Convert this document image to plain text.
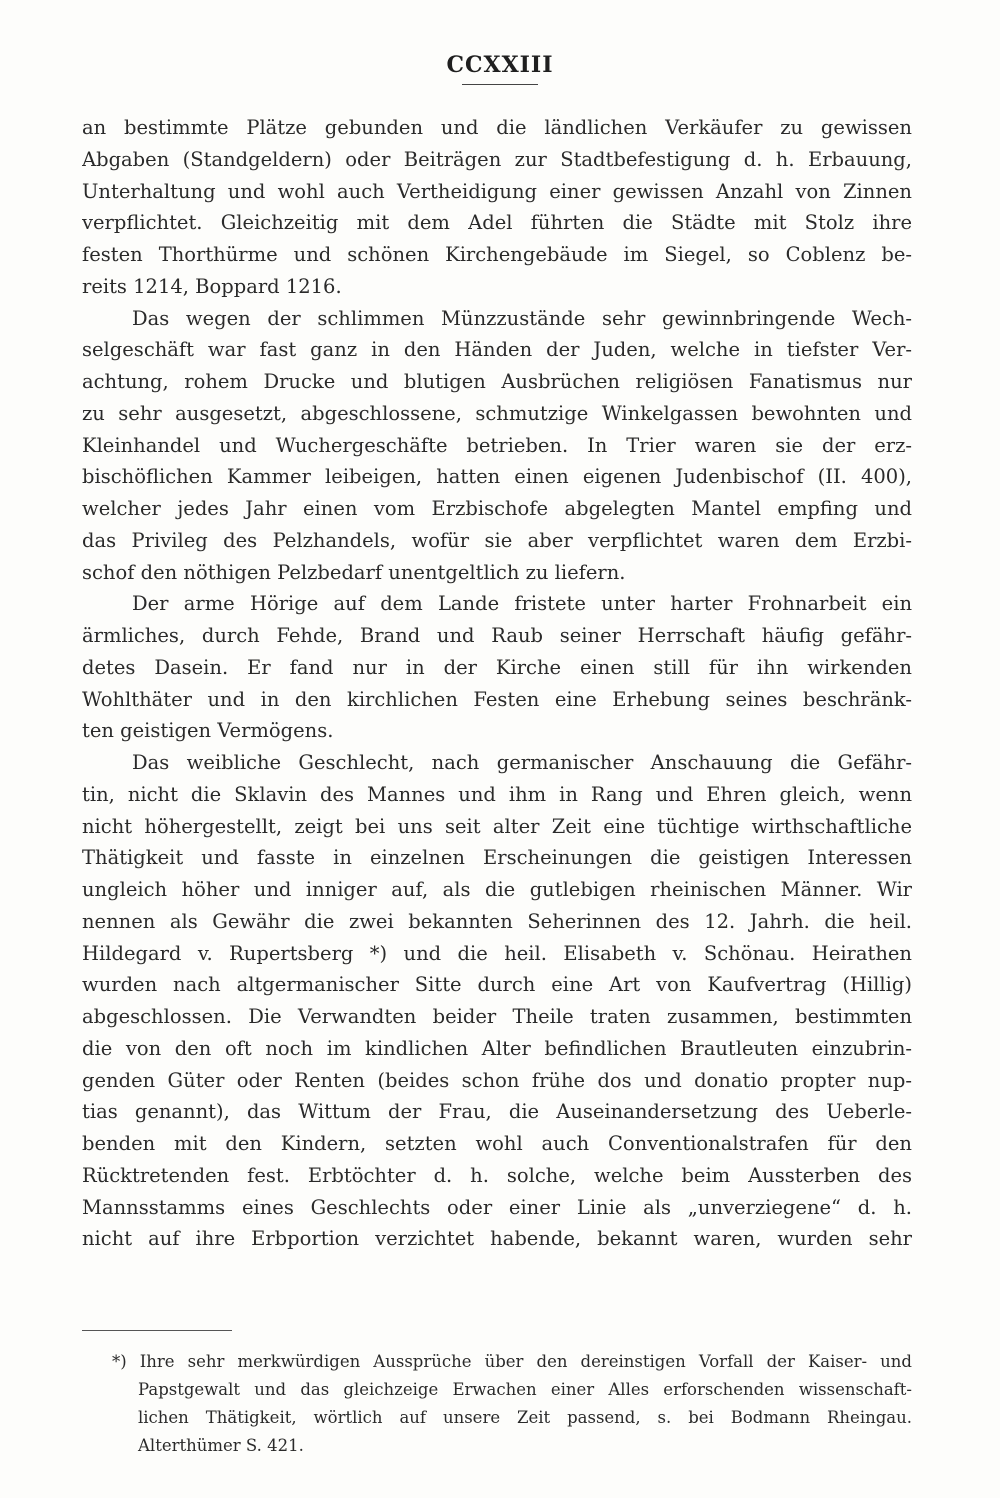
CCXXIII
an bestimmte Plätze gebunden und die ländlichen Verkäufer zu gewissen
Abgaben (Standgeldern) oder Beiträgen zur Stadtbefestigung d. h. Erbauung,
Unterhaltung und wohl auch Vertheidigung einer gewissen Anzahl von Zinnen
verpflichtet. Gleichzeitig mit dem Adel führten die Städte mit Stolz ihre
festen Thorthürme und schönen Kirchengebäude im Siegel, so Coblenz be-
reits 1214, Boppard 1216.
Das wegen der schlimmen Münzzustände sehr gewinnbringende Wech-
selgeschäft war fast ganz in den Händen der Juden, welche in tiefster Ver-
achtung, rohem Drucke und blutigen Ausbrüchen religiösen Fanatismus nur
zu sehr ausgesetzt, abgeschlossene, schmutzige Winkelgassen bewohnten und
Kleinhandel und Wuchergeschäfte betrieben. In Trier waren sie der erz-
bischöflichen Kammer leibeigen, hatten einen eigenen Judenbischof (II. 400),
welcher jedes Jahr einen vom Erzbischofe abgelegten Mantel empfing und
das Privileg des Pelzhandels, wofür sie aber verpflichtet waren dem Erzbi-
schof den nöthigen Pelzbedarf unentgeltlich zu liefern.
Der arme Hörige auf dem Lande fristete unter harter Frohnarbeit ein
ärmliches, durch Fehde, Brand und Raub seiner Herrschaft häufig gefähr-
detes Dasein. Er fand nur in der Kirche einen still für ihn wirkenden
Wohlthäter und in den kirchlichen Festen eine Erhebung seines beschränk-
ten geistigen Vermögens.
Das weibliche Geschlecht, nach germanischer Anschauung die Gefähr-
tin, nicht die Sklavin des Mannes und ihm in Rang und Ehren gleich, wenn
nicht höhergestellt, zeigt bei uns seit alter Zeit eine tüchtige wirthschaftliche
Thätigkeit und fasste in einzelnen Erscheinungen die geistigen Interessen
ungleich höher und inniger auf, als die gutlebigen rheinischen Männer. Wir
nennen als Gewähr die zwei bekannten Seherinnen des 12. Jahrh. die heil.
Hildegard v. Rupertsberg *) und die heil. Elisabeth v. Schönau. Heirathen
wurden nach altgermanischer Sitte durch eine Art von Kaufvertrag (Hillig)
abgeschlossen. Die Verwandten beider Theile traten zusammen, bestimmten
die von den oft noch im kindlichen Alter befindlichen Brautleuten einzubrin-
genden Güter oder Renten (beides schon frühe dos und donatio propter nup-
tias genannt), das Wittum der Frau, die Auseinandersetzung des Ueberle-
benden mit den Kindern, setzten wohl auch Conventionalstrafen für den
Rücktretenden fest. Erbtöchter d. h. solche, welche beim Aussterben des
Mannsstamms eines Geschlechts oder einer Linie als „unverziegene“ d. h.
nicht auf ihre Erbportion verzichtet habende, bekannt waren, wurden sehr
*) Ihre sehr merkwürdigen Aussprüche über den dereinstigen Vorfall der Kaiser- und
Papstgewalt und das gleichzeige Erwachen einer Alles erforschenden wissenschaft-
lichen Thätigkeit, wörtlich auf unsere Zeit passend, s. bei Bodmann Rheingau.
Alterthümer S. 421.
